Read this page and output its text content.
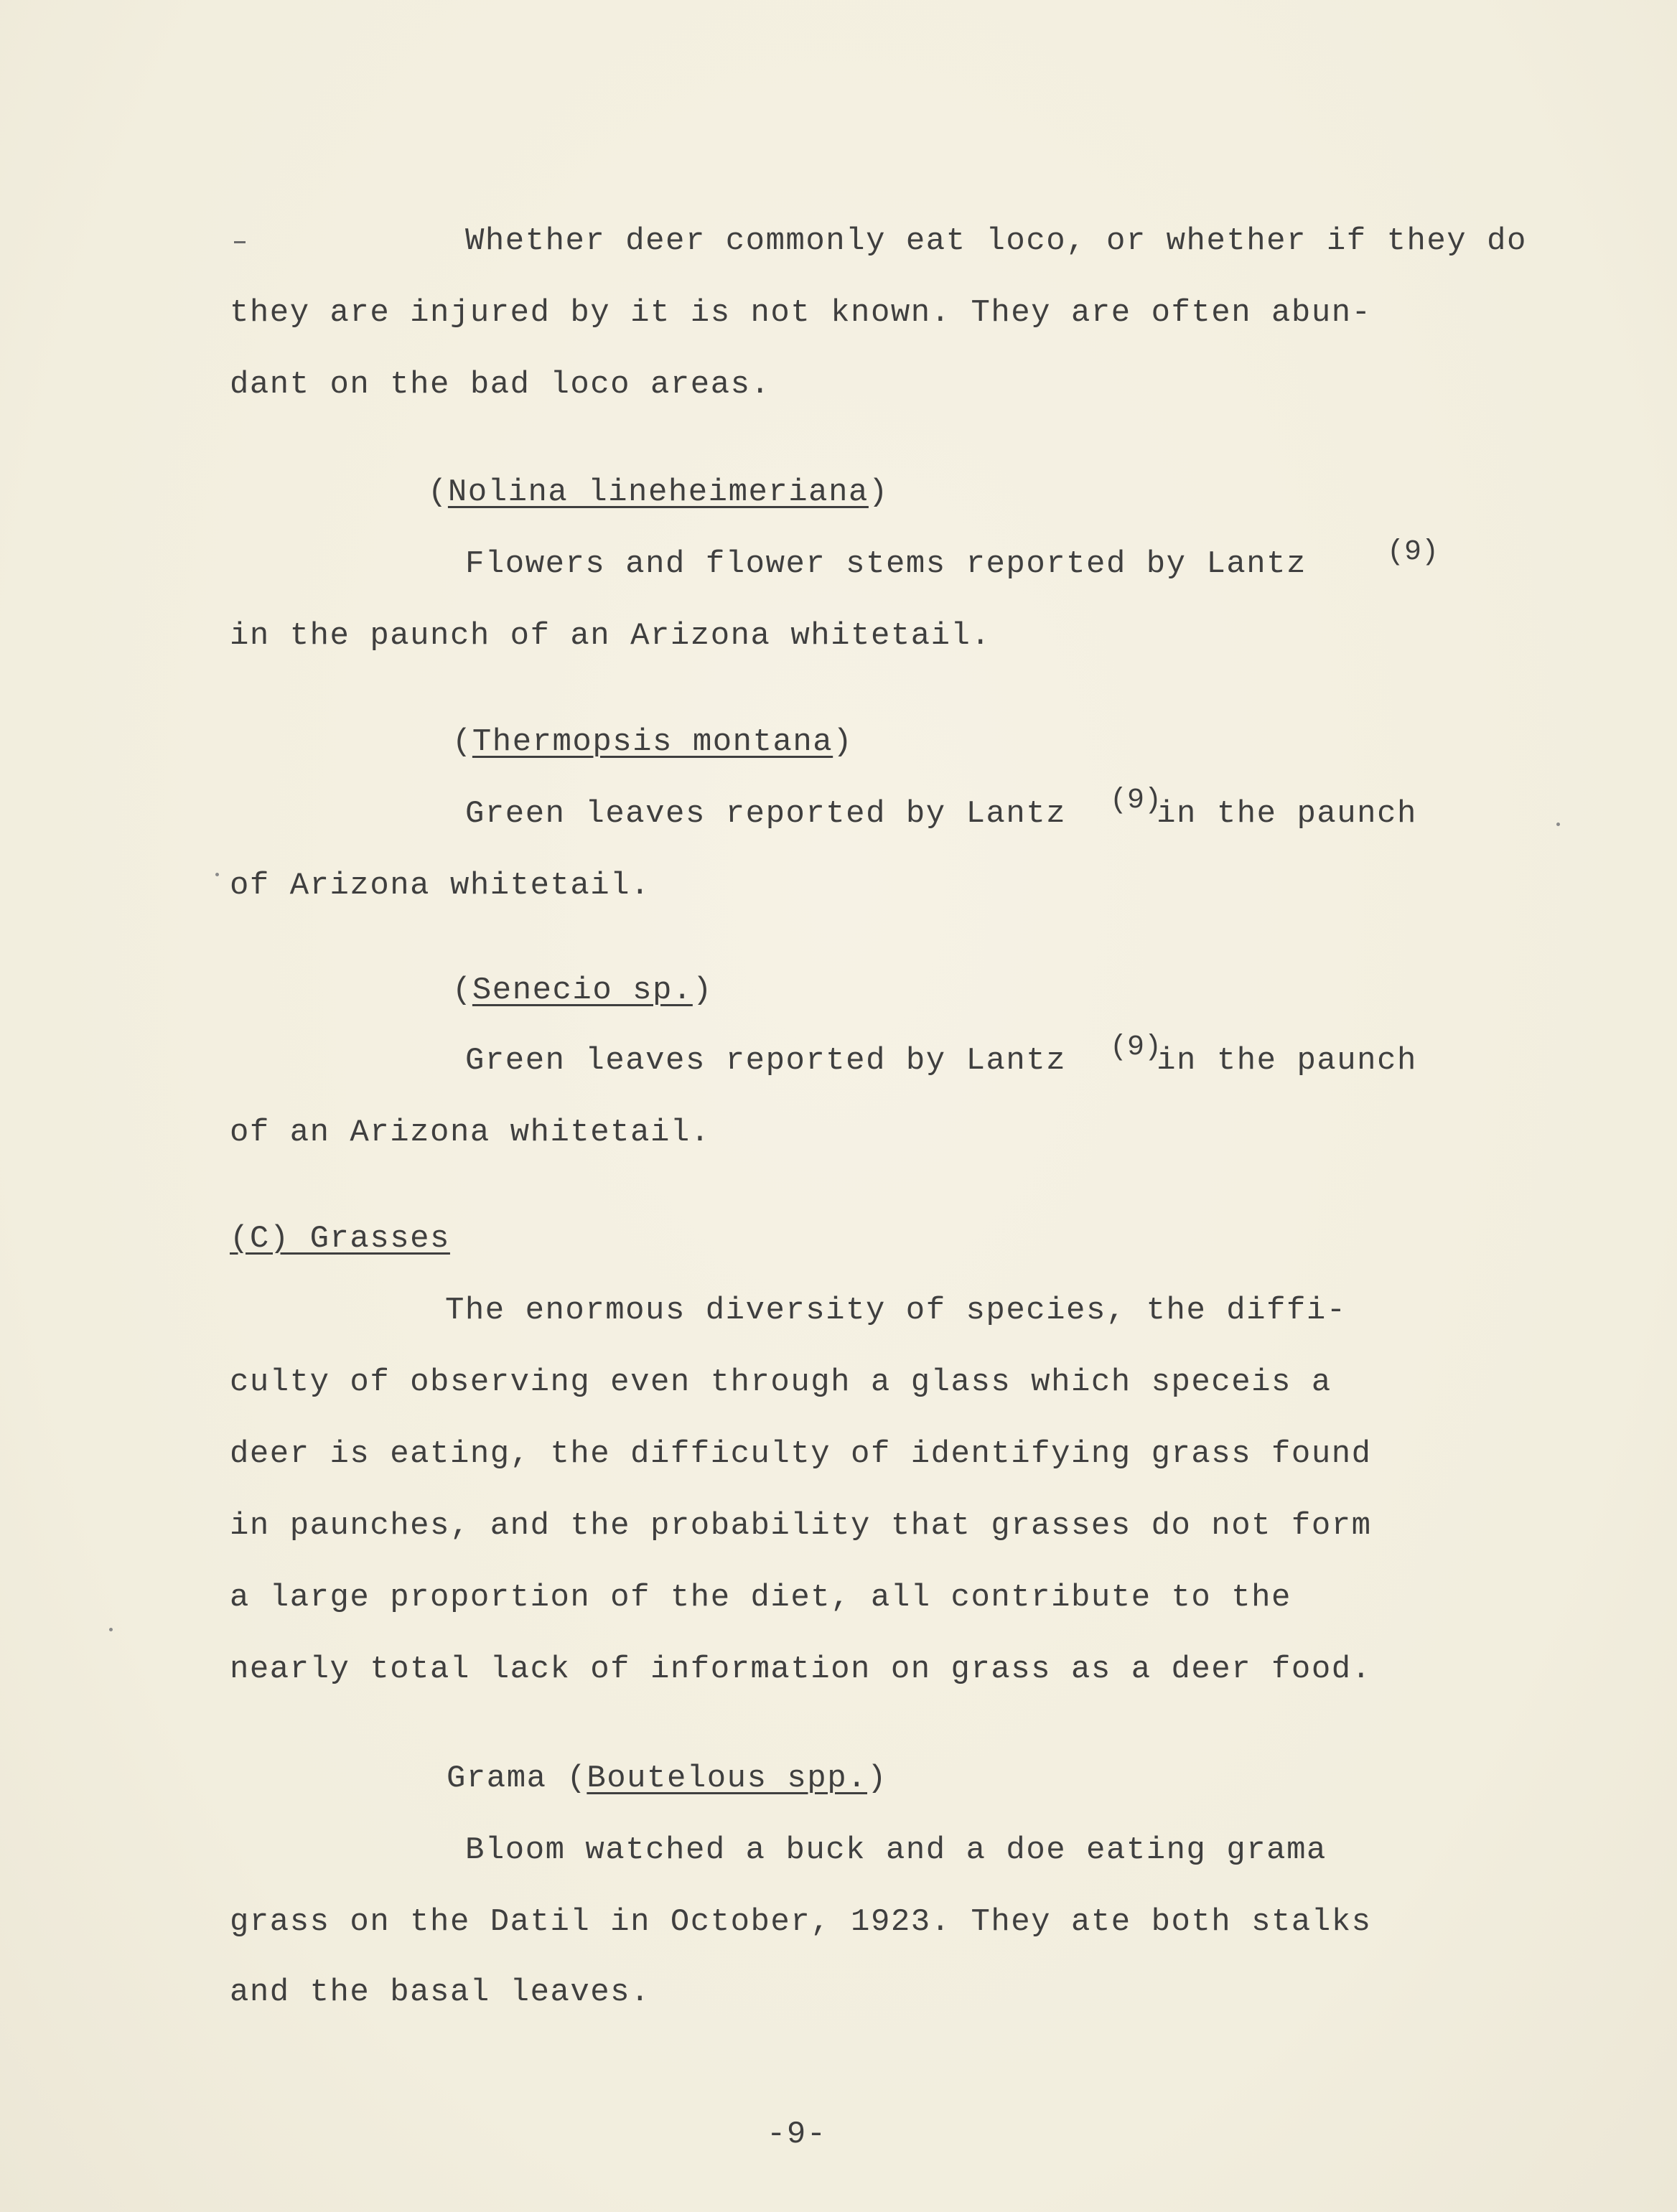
Whether deer commonly eat loco, or whether if they do
they are injured by it is not known. They are often abun-
dant on the bad loco areas.
(Nolina lineheimeriana)
Flowers and flower stems reported by Lantz	(9)
in the paunch of an Arizona whitetail.
(Thermopsis montana)
Green leaves reported by Lantz	in the paunch
(9)
of Arizona whitetail.
(Senecio sp.)
Green leaves reported by Lantz	in the paunch
(9)
of an Arizona whitetail.
(C) Grasses
The enormous diversity of species, the diffi-
culty of observing even through a glass which speceis a
deer is eating, the difficulty of identifying grass found
in paunches, and the probability that grasses do not form
a large proportion of the diet, all contribute to the
nearly total lack of information on grass as a deer food.
Grama (Boutelous spp.)
Bloom watched a buck and a doe eating grama
grass on the Datil in October, 1923. They ate both stalks
and the basal leaves.
-9-
